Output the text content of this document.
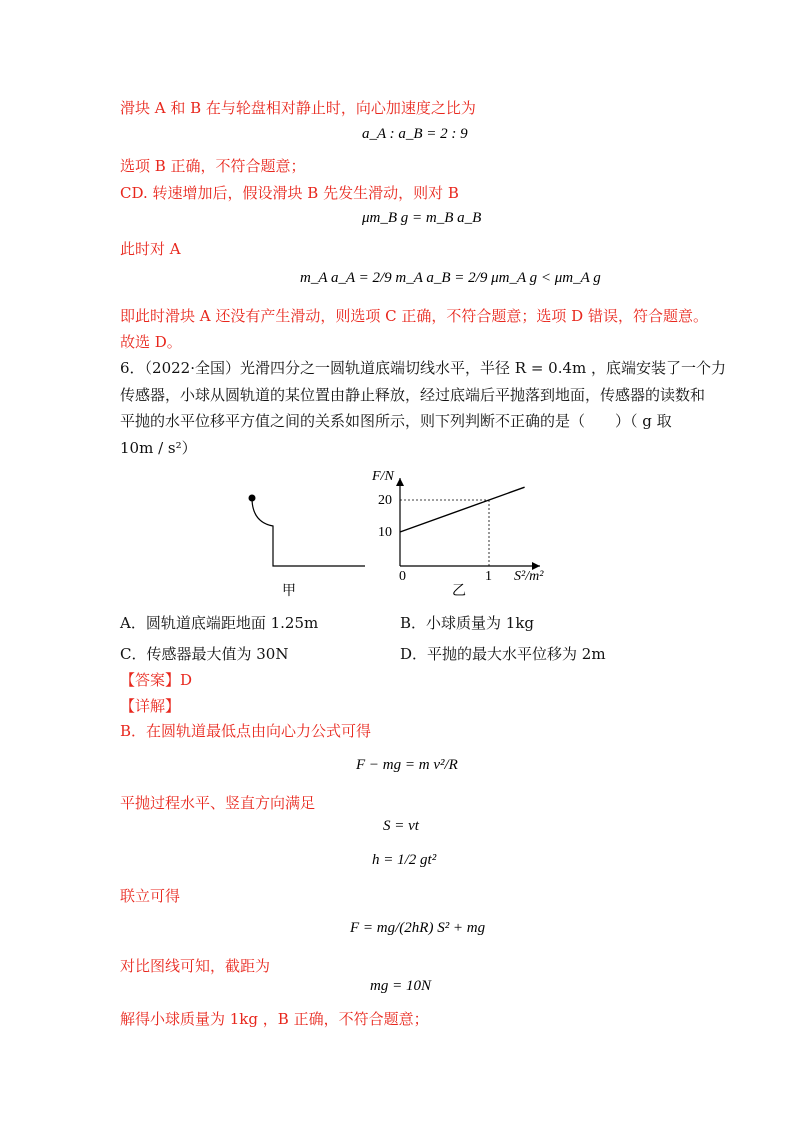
滑块 A 和 B 在与轮盘相对静止时，向心加速度之比为
a_A : a_B = 2 : 9
选项 B 正确，不符合题意；
CD. 转速增加后，假设滑块 B 先发生滑动，则对 B
μm_B g = m_B a_B
此时对 A
m_A a_A = 2/9 m_A a_B = 2/9 μm_A g < μm_A g
即此时滑块 A 还没有产生滑动，则选项 C 正确，不符合题意；选项 D 错误，符合题意。
故选 D。
6．（2022·全国）光滑四分之一圆轨道底端切线水平，半径 R = 0.4m ，底端安装了一个力
传感器，小球从圆轨道的某位置由静止释放，经过底端后平抛落到地面，传感器的读数和
平抛的水平位移平方值之间的关系如图所示，则下列判断不正确的是（　　）（ g 取
10m / s²）
甲
F/N
S²/m²
20
10
0	1
乙
A．圆轨道底端距地面 1.25m	B．小球质量为 1kg
C．传感器最大值为 30N	D．平抛的最大水平位移为 2m
【答案】D
【详解】
B．在圆轨道最低点由向心力公式可得
F − mg = m v²/R
平抛过程水平、竖直方向满足
S = vt
h = 1/2 gt²
联立可得
F = mg/(2hR) S² + mg
对比图线可知，截距为
mg = 10N
解得小球质量为 1kg ，B 正确，不符合题意；
